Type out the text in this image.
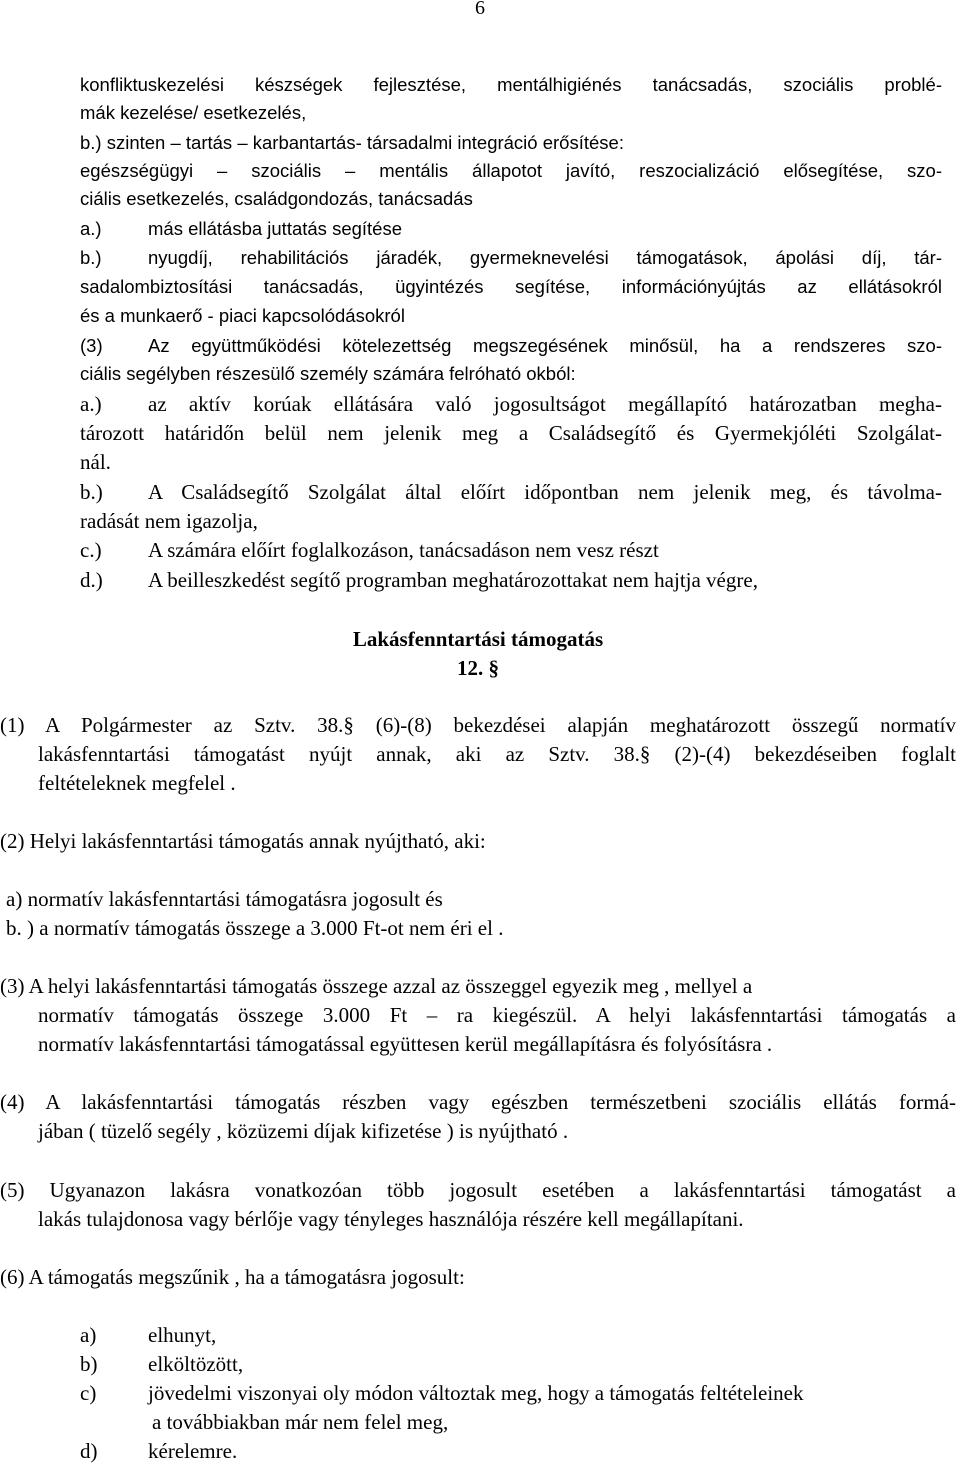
6
konfliktuskezelési készségek fejlesztése, mentálhigiénés tanácsadás, szociális problé-
mák kezelése/ esetkezelés,
b.) szinten – tartás – karbantartás- társadalmi integráció erősítése:
egészségügyi – szociális – mentális állapotot javító, reszocializáció elősegítése, szo-
ciális esetkezelés, családgondozás, tanácsadás
a.)	más ellátásba juttatás segítése
b.)	nyugdíj, rehabilitációs járadék, gyermeknevelési támogatások, ápolási díj, tár-
sadalombiztosítási tanácsadás, ügyintézés segítése, információnyújtás az ellátásokról
és a munkaerő - piaci kapcsolódásokról
(3) Az együttműködési kötelezettség megszegésének minősül, ha a rendszeres szo-
ciális segélyben részesülő személy számára felróható okból:
a.) az aktív korúak ellátására való jogosultságot megállapító határozatban megha-
tározott határidőn belül nem jelenik meg a Családsegítő és Gyermekjóléti Szolgálat-
nál.
b.) A Családsegítő Szolgálat által előírt időpontban nem jelenik meg, és távolma-
radását nem igazolja,
c.) A számára előírt foglalkozáson, tanácsadáson nem vesz részt
d.) A beilleszkedést segítő programban meghatározottakat nem hajtja végre,
Lakásfenntartási támogatás
12. §
(1) A Polgármester az Sztv. 38.§ (6)-(8) bekezdései alapján meghatározott összegű normatív
lakásfenntartási támogatást nyújt annak, aki az Sztv. 38.§ (2)-(4) bekezdéseiben foglalt
feltételeknek megfelel .
(2) Helyi lakásfenntartási támogatás annak nyújtható, aki:
a) normatív lakásfenntartási támogatásra jogosult és
b. ) a normatív támogatás összege a 3.000 Ft-ot nem éri el .
(3) A helyi lakásfenntartási támogatás összege azzal az összeggel egyezik meg , mellyel a
normatív támogatás összege 3.000 Ft – ra kiegészül. A helyi lakásfenntartási támogatás a
normatív lakásfenntartási támogatással együttesen kerül megállapításra és folyósításra .
(4) A lakásfenntartási támogatás részben vagy egészben természetbeni szociális ellátás formá-
jában ( tüzelő segély , közüzemi díjak kifizetése ) is nyújtható .
(5) Ugyanazon lakásra vonatkozóan több jogosult esetében a lakásfenntartási támogatást a
lakás tulajdonosa vagy bérlője vagy tényleges használója részére kell megállapítani.
(6) A támogatás megszűnik , ha a támogatásra jogosult:
a) elhunyt,
b) elköltözött,
c) jövedelmi viszonyai oly módon változtak meg, hogy a támogatás feltételeinek
a továbbiakban már nem felel meg,
d) kérelemre.
